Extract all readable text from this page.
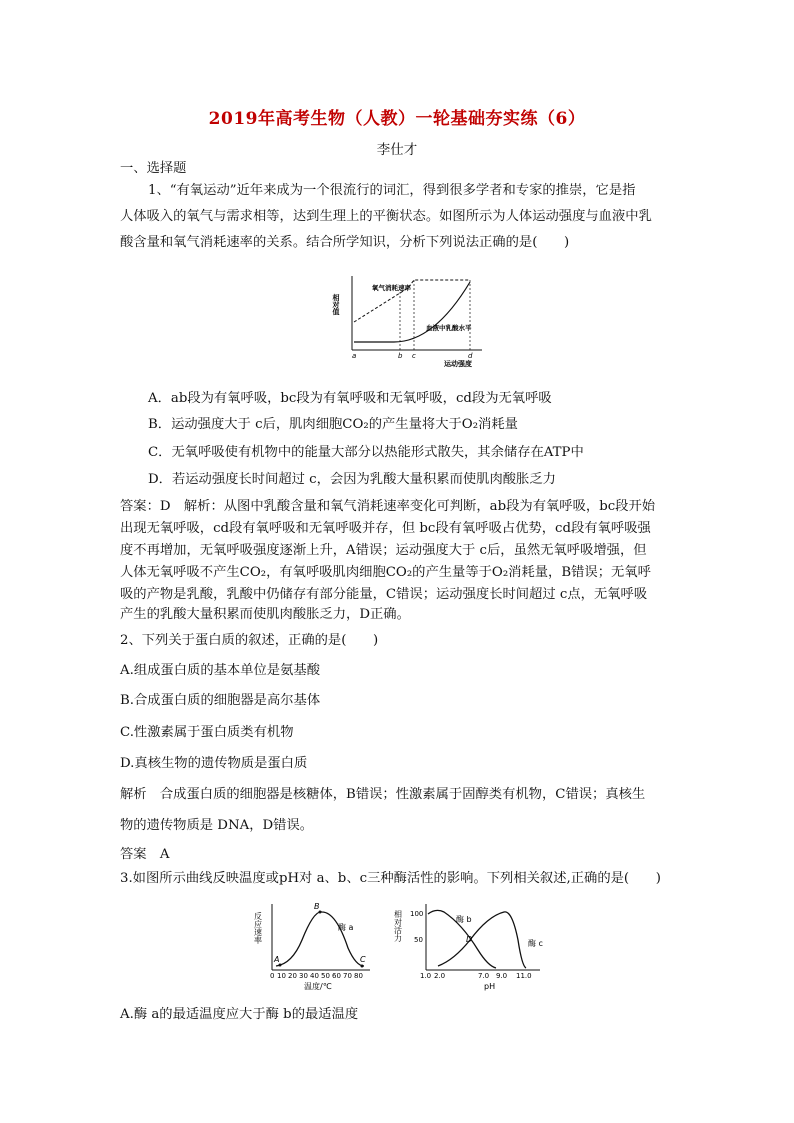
2019年高考生物（人教）一轮基础夯实练（6）
李仕才
一、选择题
1、“有氧运动”近年来成为一个很流行的词汇，得到很多学者和专家的推崇，它是指
人体吸入的氧气与需求相等，达到生理上的平衡状态。如图所示为人体运动强度与血液中乳
酸含量和氧气消耗速率的关系。结合所学知识，分析下列说法正确的是(　　)
相对值
氧气消耗速率
血液中乳酸水平
运动强度
a	b c	d
A．ab段为有氧呼吸，bc段为有氧呼吸和无氧呼吸，cd段为无氧呼吸
B．运动强度大于 c后，肌肉细胞CO₂的产生量将大于O₂消耗量
C．无氧呼吸使有机物中的能量大部分以热能形式散失，其余储存在ATP中
D．若运动强度长时间超过 c，会因为乳酸大量积累而使肌肉酸胀乏力
答案：D　解析：从图中乳酸含量和氧气消耗速率变化可判断，ab段为有氧呼吸，bc段开始
出现无氧呼吸，cd段有氧呼吸和无氧呼吸并存，但 bc段有氧呼吸占优势，cd段有氧呼吸强
度不再增加，无氧呼吸强度逐渐上升，A错误；运动强度大于 c后，虽然无氧呼吸增强，但
人体无氧呼吸不产生CO₂，有氧呼吸肌肉细胞CO₂的产生量等于O₂消耗量，B错误；无氧呼
吸的产物是乳酸，乳酸中仍储存有部分能量，C错误；运动强度长时间超过 c点，无氧呼吸
产生的乳酸大量积累而使肌肉酸胀乏力，D正确。
2、下列关于蛋白质的叙述，正确的是(　　)
A.组成蛋白质的基本单位是氨基酸
B.合成蛋白质的细胞器是高尔基体
C.性激素属于蛋白质类有机物
D.真核生物的遗传物质是蛋白质
解析　合成蛋白质的细胞器是核糖体，B错误；性激素属于固醇类有机物，C错误；真核生
物的遗传物质是 DNA，D错误。
答案　A
3.如图所示曲线反映温度或pH对 a、b、c三种酶活性的影响。下列相关叙述,正确的是(　　)
反应速率
A
B
C
酶 a
0 10 20 30 40 50 60 70 80
温度/℃
相对活力 100
50
酶 b
D	酶 c
1.0 2.0	7.0 9.0 11.0
pH
A.酶 a的最适温度应大于酶 b的最适温度
